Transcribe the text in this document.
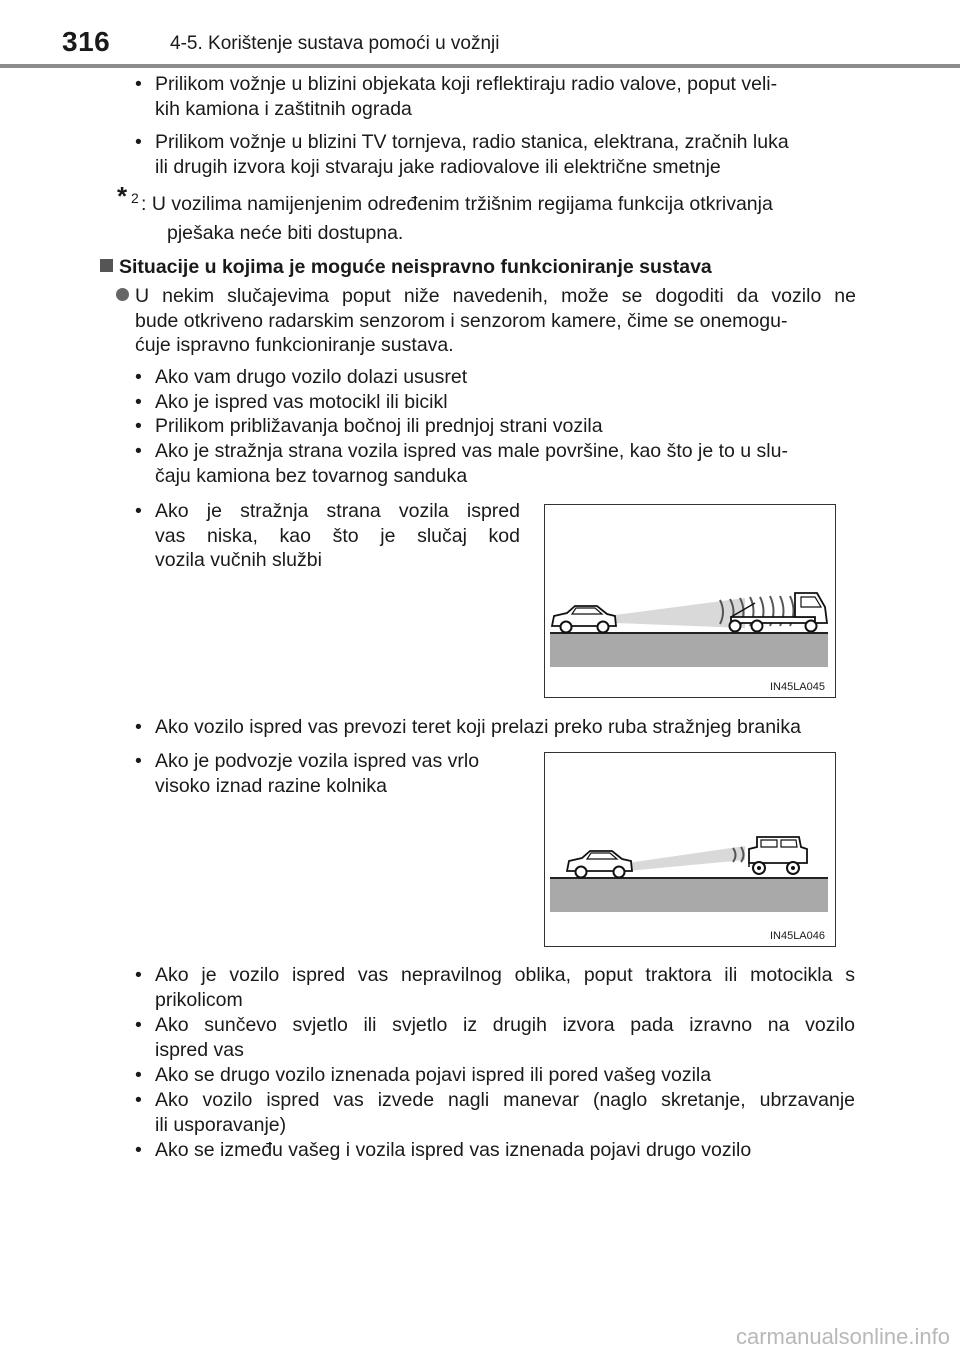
316	4-5. Korištenje sustava pomoći u vožnji
• Prilikom vožnje u blizini objekata koji reflektiraju radio valove, poput veli-
kih kamiona i zaštitnih ograda
• Prilikom vožnje u blizini TV tornjeva, radio stanica, elektrana, zračnih luka
ili drugih izvora koji stvaraju jake radiovalove ili električne smetnje
* 2 : U vozilima namijenjenim određenim tržišnim regijama funkcija otkrivanja
pješaka neće biti dostupna.
Situacije u kojima je moguće neispravno funkcioniranje sustava
U nekim slučajevima poput niže navedenih, može se dogoditi da vozilo ne
bude otkriveno radarskim senzorom i senzorom kamere, čime se onemogu-
ćuje ispravno funkcioniranje sustava.
• Ako vam drugo vozilo dolazi ususret
• Ako je ispred vas motocikl ili bicikl
• Prilikom približavanja bočnoj ili prednjoj strani vozila
• Ako je stražnja strana vozila ispred vas male površine, kao što je to u slu-
čaju kamiona bez tovarnog sanduka
• Ako je stražnja strana vozila ispred
vas niska, kao što je slučaj kod
vozila vučnih službi
IN45LA045
• Ako vozilo ispred vas prevozi teret koji prelazi preko ruba stražnjeg branika
• Ako je podvozje vozila ispred vas vrlo
visoko iznad razine kolnika
IN45LA046
• Ako je vozilo ispred vas nepravilnog oblika, poput traktora ili motocikla s
prikolicom
• Ako sunčevo svjetlo ili svjetlo iz drugih izvora pada izravno na vozilo
ispred vas
• Ako se drugo vozilo iznenada pojavi ispred ili pored vašeg vozila
• Ako vozilo ispred vas izvede nagli manevar (naglo skretanje, ubrzavanje
ili usporavanje)
• Ako se između vašeg i vozila ispred vas iznenada pojavi drugo vozilo
carmanualsonline.info
